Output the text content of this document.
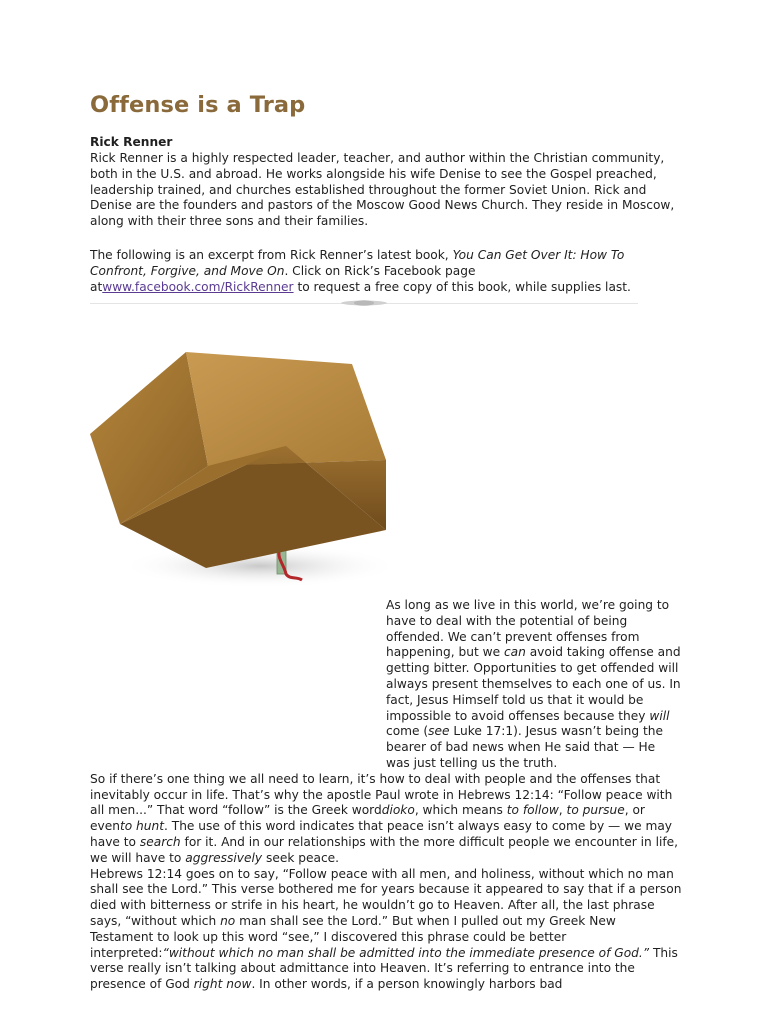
Offense is a Trap
Rick Renner
Rick Renner is a highly respected leader, teacher, and author within the Christian community, both in the U.S. and abroad. He works alongside his wife Denise to see the Gospel preached, leadership trained, and churches established throughout the former Soviet Union. Rick and Denise are the founders and pastors of the Moscow Good News Church. They reside in Moscow, along with their three sons and their families.
The following is an excerpt from Rick Renner’s latest book, You Can Get Over It: How To Confront, Forgive, and Move On. Click on Rick’s Facebook page atwww.facebook.com/RickRenner to request a free copy of this book, while supplies last.
As long as we live in this world, we’re going to have to deal with the potential of being offended. We can’t prevent offenses from happening, but we can avoid taking offense and getting bitter. Opportunities to get offended will always present themselves to each one of us. In fact, Jesus Himself told us that it would be impossible to avoid offenses because they will come (see Luke 17:1). Jesus wasn’t being the bearer of bad news when He said that — He was just telling us the truth.
So if there’s one thing we all need to learn, it’s how to deal with people and the offenses that inevitably occur in life. That’s why the apostle Paul wrote in Hebrews 12:14: “Follow peace with all men...” That word “follow” is the Greek worddioko, which means to follow, to pursue, or evento hunt. The use of this word indicates that peace isn’t always easy to come by — we may have to search for it. And in our relationships with the more difficult people we encounter in life, we will have to aggressively seek peace.
Hebrews 12:14 goes on to say, “Follow peace with all men, and holiness, without which no man shall see the Lord.” This verse bothered me for years because it appeared to say that if a person died with bitterness or strife in his heart, he wouldn’t go to Heaven. After all, the last phrase says, “without which no man shall see the Lord.” But when I pulled out my Greek New Testament to look up this word “see,” I discovered this phrase could be better interpreted:“without which no man shall be admitted into the immediate presence of God.” This verse really isn’t talking about admittance into Heaven. It’s referring to entrance into the presence of God right now. In other words, if a person knowingly harbors bad
